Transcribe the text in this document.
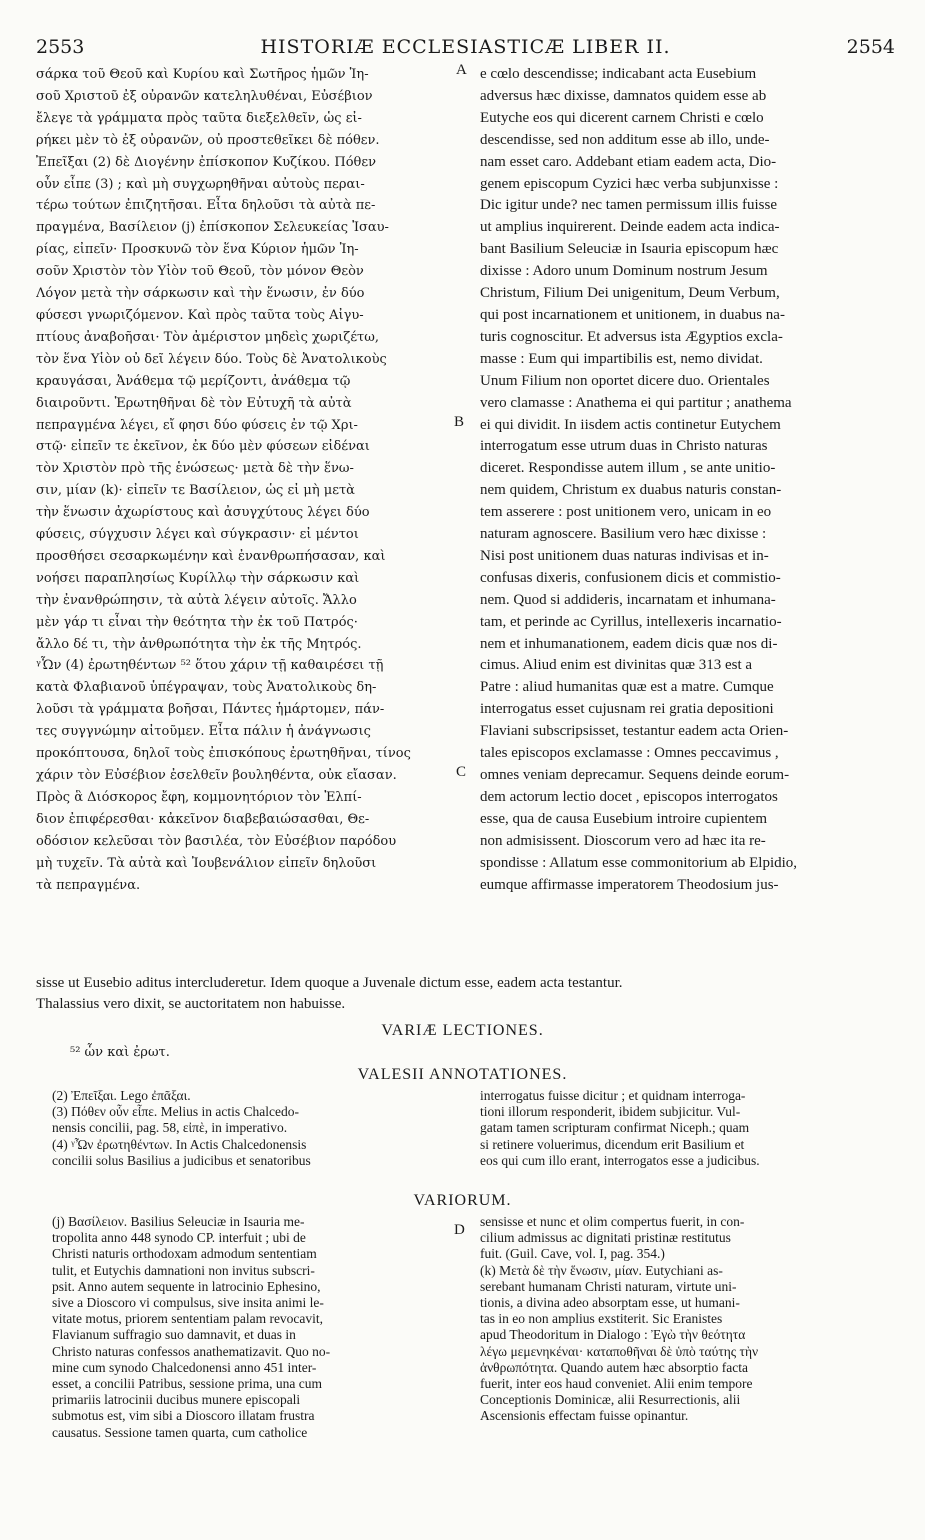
2553	HISTORIÆ ECCLESIASTICÆ LIBER II.	2554
σάρκα τοῦ Θεοῦ καὶ Κυρίου καὶ Σωτῆρος ἡμῶν Ἰη-
σοῦ Χριστοῦ ἐξ οὐρανῶν κατεληλυθέναι, Εὐσέβιον
ἔλεγε τὰ γράμματα πρὸς ταῦτα διεξελθεῖν, ὡς εἰ-
ρήκει μὲν τὸ ἐξ οὐρανῶν, οὐ προστεθεῖκει δὲ πόθεν.
Ἐπεῖξαι (2) δὲ Διογένην ἐπίσκοπον Κυζίκου. Πόθεν
οὖν εἶπε (3) ; καὶ μὴ συγχωρηθῆναι αὐτοὺς περαι-
τέρω τούτων ἐπιζητῆσαι. Εἶτα δηλοῦσι τὰ αὐτὰ πε-
πραγμένα, Βασίλειον (j) ἐπίσκοπον Σελευκείας Ἰσαυ-
ρίας, εἰπεῖν· Προσκυνῶ τὸν ἕνα Κύριον ἡμῶν Ἰη-
σοῦν Χριστὸν τὸν Υἱὸν τοῦ Θεοῦ, τὸν μόνον Θεὸν
Λόγον μετὰ τὴν σάρκωσιν καὶ τὴν ἕνωσιν, ἐν δύο
φύσεσι γνωριζόμενον. Καὶ πρὸς ταῦτα τοὺς Αἰγυ-
πτίους ἀναβοῆσαι· Τὸν ἀμέριστον μηδεὶς χωριζέτω,
τὸν ἕνα Υἱὸν οὐ δεῖ λέγειν δύο. Τοὺς δὲ Ἀνατολικοὺς
κραυγάσαι, Ἀνάθεμα τῷ μερίζοντι, ἀνάθεμα τῷ
διαιροῦντι. Ἐρωτηθῆναι δὲ τὸν Εὐτυχῆ τὰ αὐτὰ
πεπραγμένα λέγει, εἴ φησι δύο φύσεις ἐν τῷ Χρι-
στῷ· εἰπεῖν τε ἐκεῖνον, ἐκ δύο μὲν φύσεων εἰδέναι
τὸν Χριστὸν πρὸ τῆς ἑνώσεως· μετὰ δὲ τὴν ἕνω-
σιν, μίαν (k)· εἰπεῖν τε Βασίλειον, ὡς εἰ μὴ μετὰ
τὴν ἕνωσιν ἀχωρίστους καὶ ἀσυγχύτους λέγει δύο
φύσεις, σύγχυσιν λέγει καὶ σύγκρασιν· εἰ μέντοι
προσθήσει σεσαρκωμένην καὶ ἐνανθρωπήσασαν, καὶ
νοήσει παραπλησίως Κυρίλλῳ τὴν σάρκωσιν καὶ
τὴν ἐνανθρώπησιν, τὰ αὐτὰ λέγειν αὐτοῖς. Ἄλλο
μὲν γάρ τι εἶναι τὴν θεότητα τὴν ἐκ τοῦ Πατρός·
ἄλλο δέ τι, τὴν ἀνθρωπότητα τὴν ἐκ τῆς Μητρός.
ᵞὯν (4) ἐρωτηθέντων ⁵² ὅτου χάριν τῇ καθαιρέσει τῇ
κατὰ Φλαβιανοῦ ὑπέγραψαν, τοὺς Ἀνατολικοὺς δη-
λοῦσι τὰ γράμματα βοῆσαι, Πάντες ἡμάρτομεν, πάν-
τες συγγνώμην αἰτοῦμεν. Εἶτα πάλιν ἡ ἀνάγνωσις
προκόπτουσα, δηλοῖ τοὺς ἐπισκόπους ἐρωτηθῆναι, τίνος
χάριν τὸν Εὐσέβιον ἐσελθεῖν βουληθέντα, οὐκ εἴασαν.
Πρὸς ἃ Διόσκορος ἔφη, κομμονητόριον τὸν Ἐλπί-
διον ἐπιφέρεσθαι· κἀκεῖνον διαβεβαιώσασθαι, Θε-
οδόσιον κελεῦσαι τὸν βασιλέα, τὸν Εὐσέβιον παρόδου
μὴ τυχεῖν. Τὰ αὐτὰ καὶ Ἰουβενάλιον εἰπεῖν δηλοῦσι
τὰ πεπραγμένα.
e cœlo descendisse; indicabant acta Eusebium
adversus hæc dixisse, damnatos quidem esse ab
Eutyche eos qui dicerent carnem Christi e cœlo
descendisse, sed non additum esse ab illo, unde-
nam esset caro. Addebant etiam eadem acta, Dio-
genem episcopum Cyzici hæc verba subjunxisse :
Dic igitur unde? nec tamen permissum illis fuisse
ut amplius inquirerent. Deinde eadem acta indica-
bant Basilium Seleuciæ in Isauria episcopum hæc
dixisse : Adoro unum Dominum nostrum Jesum
Christum, Filium Dei unigenitum, Deum Verbum,
qui post incarnationem et unitionem, in duabus na-
turis cognoscitur. Et adversus ista Ægyptios excla-
masse : Eum qui impartibilis est, nemo dividat.
Unum Filium non oportet dicere duo. Orientales
vero clamasse : Anathema ei qui partitur ; anathema
ei qui dividit. In iisdem actis continetur Eutychem
interrogatum esse utrum duas in Christo naturas
diceret. Respondisse autem illum , se ante unitio-
nem quidem, Christum ex duabus naturis constan-
tem asserere : post unitionem vero, unicam in eo
naturam agnoscere. Basilium vero hæc dixisse :
Nisi post unitionem duas naturas indivisas et in-
confusas dixeris, confusionem dicis et commistio-
nem. Quod si addideris, incarnatam et inhumana-
tam, et perinde ac Cyrillus, intellexeris incarnatio-
nem et inhumanationem, eadem dicis quæ nos di-
cimus. Aliud enim est divinitas quæ 313 est a
Patre : aliud humanitas quæ est a matre. Cumque
interrogatus esset cujusnam rei gratia depositioni
Flaviani subscripsisset, testantur eadem acta Orien-
tales episcopos exclamasse : Omnes peccavimus ,
omnes veniam deprecamur. Sequens deinde eorum-
dem actorum lectio docet , episcopos interrogatos
esse, qua de causa Eusebium introire cupientem
non admisissent. Dioscorum vero ad hæc ita re-
spondisse : Allatum esse commonitorium ab Elpidio,
eumque affirmasse imperatorem Theodosium jus-
A
B
C
D
sisse ut Eusebio aditus intercluderetur. Idem quoque a Juvenale dictum esse, eadem acta testantur.
Thalassius vero dixit, se auctoritatem non habuisse.
VARIÆ LECTIONES.
⁵² ὧν καὶ ἐρωτ.
VALESII ANNOTATIONES.
(2) Ἐπεῖξαι. Lego ἐπᾶξαι.
(3) Πόθεν οὖν εἶπε. Melius in actis Chalcedo-
nensis concilii, pag. 58, εἰπὲ, in imperativo.
(4) ᵞὮν ἐρωτηθέντων. In Actis Chalcedonensis
concilii solus Basilius a judicibus et senatoribus
interrogatus fuisse dicitur ; et quidnam interroga-
tioni illorum responderit, ibidem subjicitur. Vul-
gatam tamen scripturam confirmat Niceph.; quam
si retinere voluerimus, dicendum erit Basilium et
eos qui cum illo erant, interrogatos esse a judicibus.
VARIORUM.
(j) Βασίλειον. Basilius Seleuciæ in Isauria me-
tropolita anno 448 synodo CP. interfuit ; ubi de
Christi naturis orthodoxam admodum sententiam
tulit, et Eutychis damnationi non invitus subscri-
psit. Anno autem sequente in latrocinio Ephesino,
sive a Dioscoro vi compulsus, sive insita animi le-
vitate motus, priorem sententiam palam revocavit,
Flavianum suffragio suo damnavit, et duas in
Christo naturas confessos anathematizavit. Quo no-
mine cum synodo Chalcedonensi anno 451 inter-
esset, a concilii Patribus, sessione prima, una cum
primariis latrocinii ducibus munere episcopali
submotus est, vim sibi a Dioscoro illatam frustra
causatus. Sessione tamen quarta, cum catholice
sensisse et nunc et olim compertus fuerit, in con-
cilium admissus ac dignitati pristinæ restitutus
fuit. (Guil. Cave, vol. I, pag. 354.)
(k) Μετὰ δὲ τὴν ἕνωσιν, μίαν. Eutychiani as-
serebant humanam Christi naturam, virtute uni-
tionis, a divina adeo absorptam esse, ut humani-
tas in eo non amplius exstiterit. Sic Eranistes
apud Theodoritum in Dialogo : Ἐγὼ τὴν θεότητα
λέγω μεμενηκέναι· καταποθῆναι δὲ ὑπὸ ταύτης τὴν
ἀνθρωπότητα. Quando autem hæc absorptio facta
fuerit, inter eos haud conveniet. Alii enim tempore
Conceptionis Dominicæ, alii Resurrectionis, alii
Ascensionis effectam fuisse opinantur.
